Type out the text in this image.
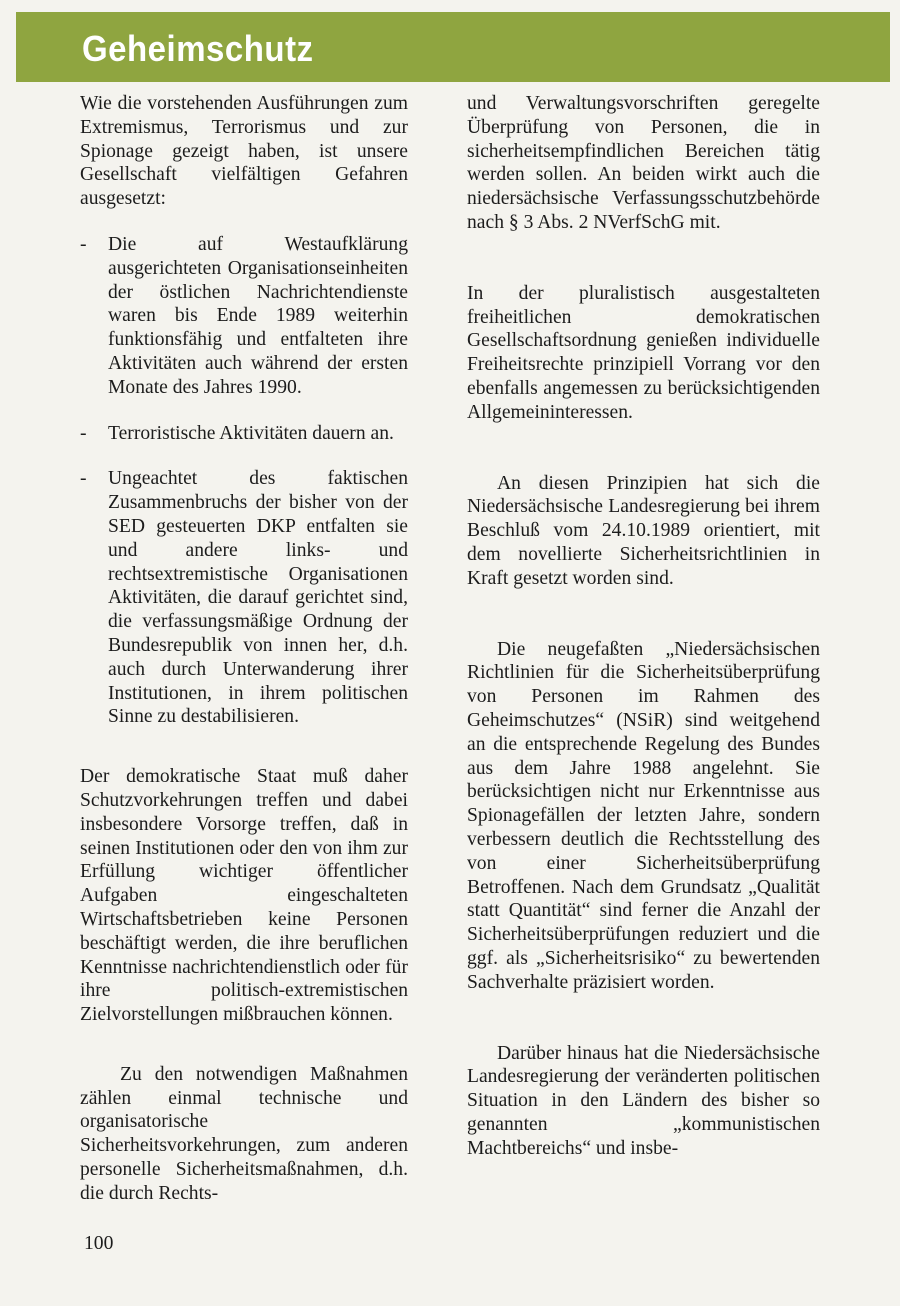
Geheimschutz

Wie die vorstehenden Ausführungen zum Extremismus, Terrorismus und zur Spionage gezeigt haben, ist unsere Gesellschaft vielfältigen Gefahren ausgesetzt:

- Die auf Westaufklärung ausgerichteten Organisationseinheiten der östlichen Nachrichtendienste waren bis Ende 1989 weiterhin funktionsfähig und entfalteten ihre Aktivitäten auch während der ersten Monate des Jahres 1990.
- Terroristische Aktivitäten dauern an.
- Ungeachtet des faktischen Zusammenbruchs der bisher von der SED gesteuerten DKP entfalten sie und andere links- und rechtsextremistische Organisationen Aktivitäten, die darauf gerichtet sind, die verfassungsmäßige Ordnung der Bundesrepublik von innen her, d.h. auch durch Unterwanderung ihrer Institutionen, in ihrem politischen Sinne zu destabilisieren.

Der demokratische Staat muß daher Schutzvorkehrungen treffen und dabei insbesondere Vorsorge treffen, daß in seinen Institutionen oder den von ihm zur Erfüllung wichtiger öffentlicher Aufgaben eingeschalteten Wirtschaftsbetrieben keine Personen beschäftigt werden, die ihre beruflichen Kenntnisse nachrichtendienstlich oder für ihre politisch-extremistischen Zielvorstellungen mißbrauchen können.

Zu den notwendigen Maßnahmen zählen einmal technische und organisatorische Sicherheitsvorkehrungen, zum anderen personelle Sicherheitsmaßnahmen, d.h. die durch Rechts-

und Verwaltungsvorschriften geregelte Überprüfung von Personen, die in sicherheitsempfindlichen Bereichen tätig werden sollen. An beiden wirkt auch die niedersächsische Verfassungsschutzbehörde nach § 3 Abs. 2 NVerfSchG mit.

In der pluralistisch ausgestalteten freiheitlichen demokratischen Gesellschaftsordnung genießen individuelle Freiheitsrechte prinzipiell Vorrang vor den ebenfalls angemessen zu berücksichtigenden Allgemeininteressen.

An diesen Prinzipien hat sich die Niedersächsische Landesregierung bei ihrem Beschluß vom 24.10.1989 orientiert, mit dem novellierte Sicherheitsrichtlinien in Kraft gesetzt worden sind.

Die neugefaßten „Niedersächsischen Richtlinien für die Sicherheitsüberprüfung von Personen im Rahmen des Geheimschutzes“ (NSiR) sind weitgehend an die entsprechende Regelung des Bundes aus dem Jahre 1988 angelehnt. Sie berücksichtigen nicht nur Erkenntnisse aus Spionagefällen der letzten Jahre, sondern verbessern deutlich die Rechtsstellung des von einer Sicherheitsüberprüfung Betroffenen. Nach dem Grundsatz „Qualität statt Quantität“ sind ferner die Anzahl der Sicherheitsüberprüfungen reduziert und die ggf. als „Sicherheitsrisiko“ zu bewertenden Sachverhalte präzisiert worden.

Darüber hinaus hat die Niedersächsische Landesregierung der veränderten politischen Situation in den Ländern des bisher so genannten „kommunistischen Machtbereichs“ und insbe-

100
